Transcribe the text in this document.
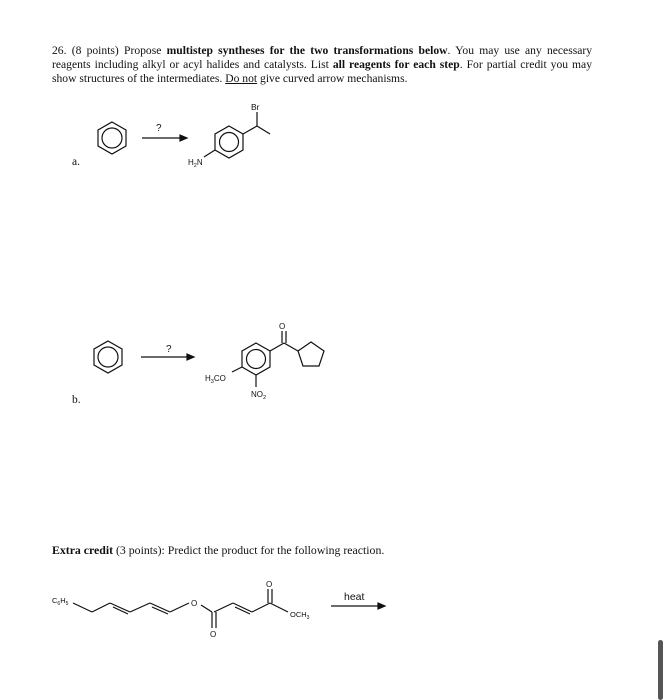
26. (8 points) Propose multistep syntheses for the two transformations below. You may use any necessary reagents including alkyl or acyl halides and catalysts. List all reagents for each step. For partial credit you may show structures of the intermediates. Do not give curved arrow mechanisms.
a.
b.
?
Br
$H_2N$
?
O
$H_3CO$
$NO_2$
$C_6H_5$	O
O
O
$OCH_3$
heat
Extra credit (3 points): Predict the product for the following reaction.
